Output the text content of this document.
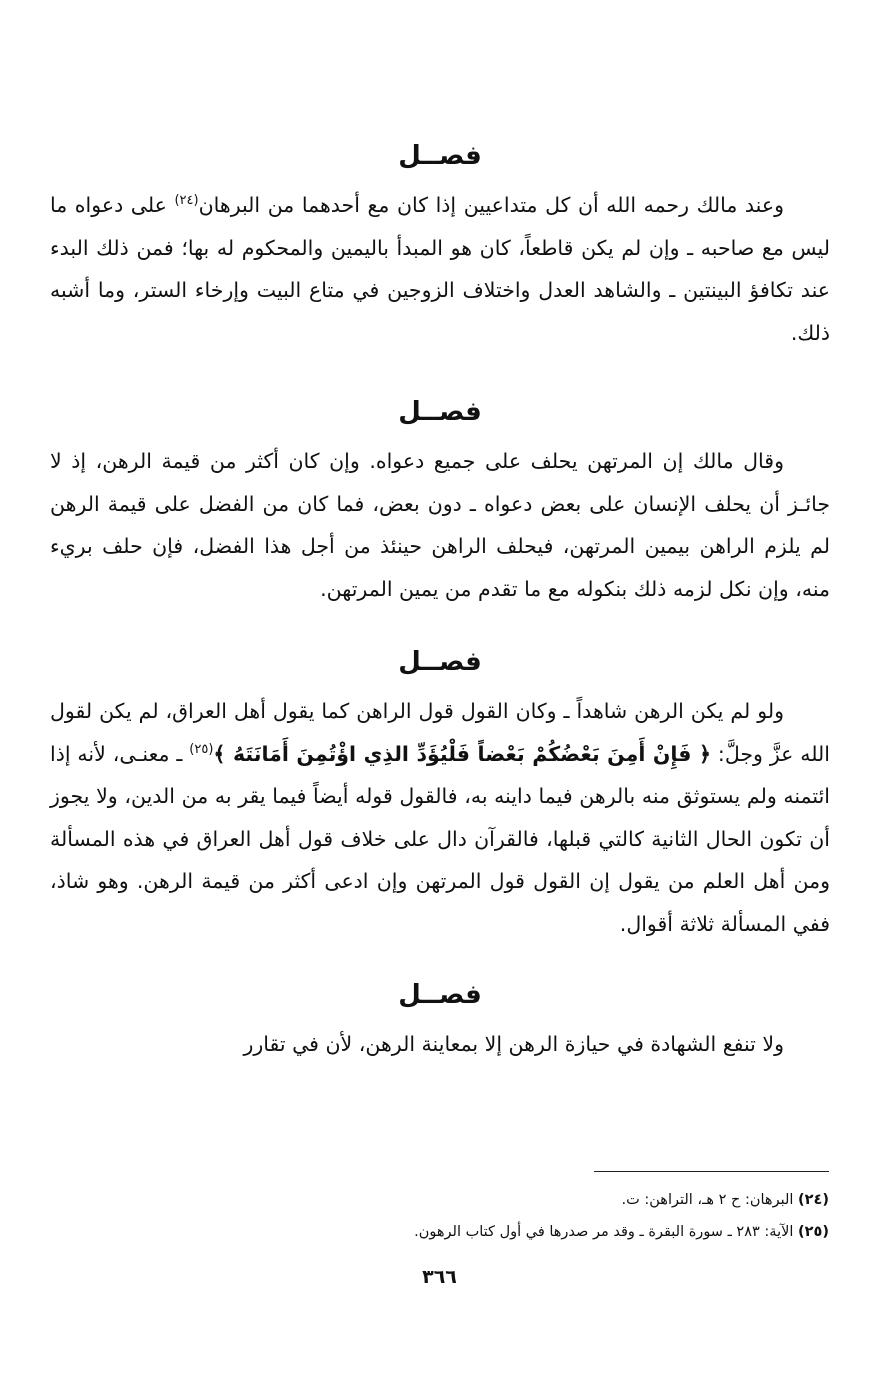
فصــل

وعند مالك رحمه الله أن كل متداعيين إذا كان مع أحدهما من البرهان$^{(٢٤)}$ على دعواه ما ليس مع صاحبه ـ وإن لم يكن قاطعاً، كان هو المبدأ باليمين والمحكوم له بها؛ فمن ذلك البدء عند تكافؤ البينتين ـ والشاهد العدل واختلاف الزوجين في متاع البيت وإرخاء الستر، وما أشبه ذلك.

فصــل

وقال مالك إن المرتهن يحلف على جميع دعواه. وإن كان أكثر من قيمة الرهن، إذ لا جائـز أن يحلف الإنسان على بعض دعواه ـ دون بعض، فما كان من الفضل على قيمة الرهن لم يلزم الراهن بيمين المرتهن، فيحلف الراهن حينئذ من أجل هذا الفضل، فإن حلف بريء منه، وإن نكل لزمه ذلك بنكوله مع ما تقدم من يمين المرتهن.

فصــل

ولو لم يكن الرهن شاهداً ـ وكان القول قول الراهن كما يقول أهل العراق، لم يكن لقول الله عزَّ وجلَّ: ﴿ فَإِنْ أَمِنَ بَعْضُكُمْ بَعْضاً فَلْيُؤَدِّ الذِي اؤْتُمِنَ أَمَانَتَهُ ﴾$^{(٢٥)}$ ـ معنـى، لأنه إذا ائتمنه ولم يستوثق منه بالرهن فيما داينه به، فالقول قوله أيضاً فيما يقر به من الدين، ولا يجوز أن تكون الحال الثانية كالتي قبلها، فالقرآن دال على خلاف قول أهل العراق في هذه المسألة ومن أهل العلم من يقول إن القول قول المرتهن وإن ادعى أكثر من قيمة الرهن. وهو شاذ، ففي المسألة ثلاثة أقوال.

فصــل

ولا تنفع الشهادة في حيازة الرهن إلا بمعاينة الرهن، لأن في تقارر

(٢٤) البرهان: ح ٢ هـ، التراهن: ت.

(٢٥) الآية: ٢٨٣ ـ سورة البقرة ـ وقد مر صدرها في أول كتاب الرهون.

٣٦٦
